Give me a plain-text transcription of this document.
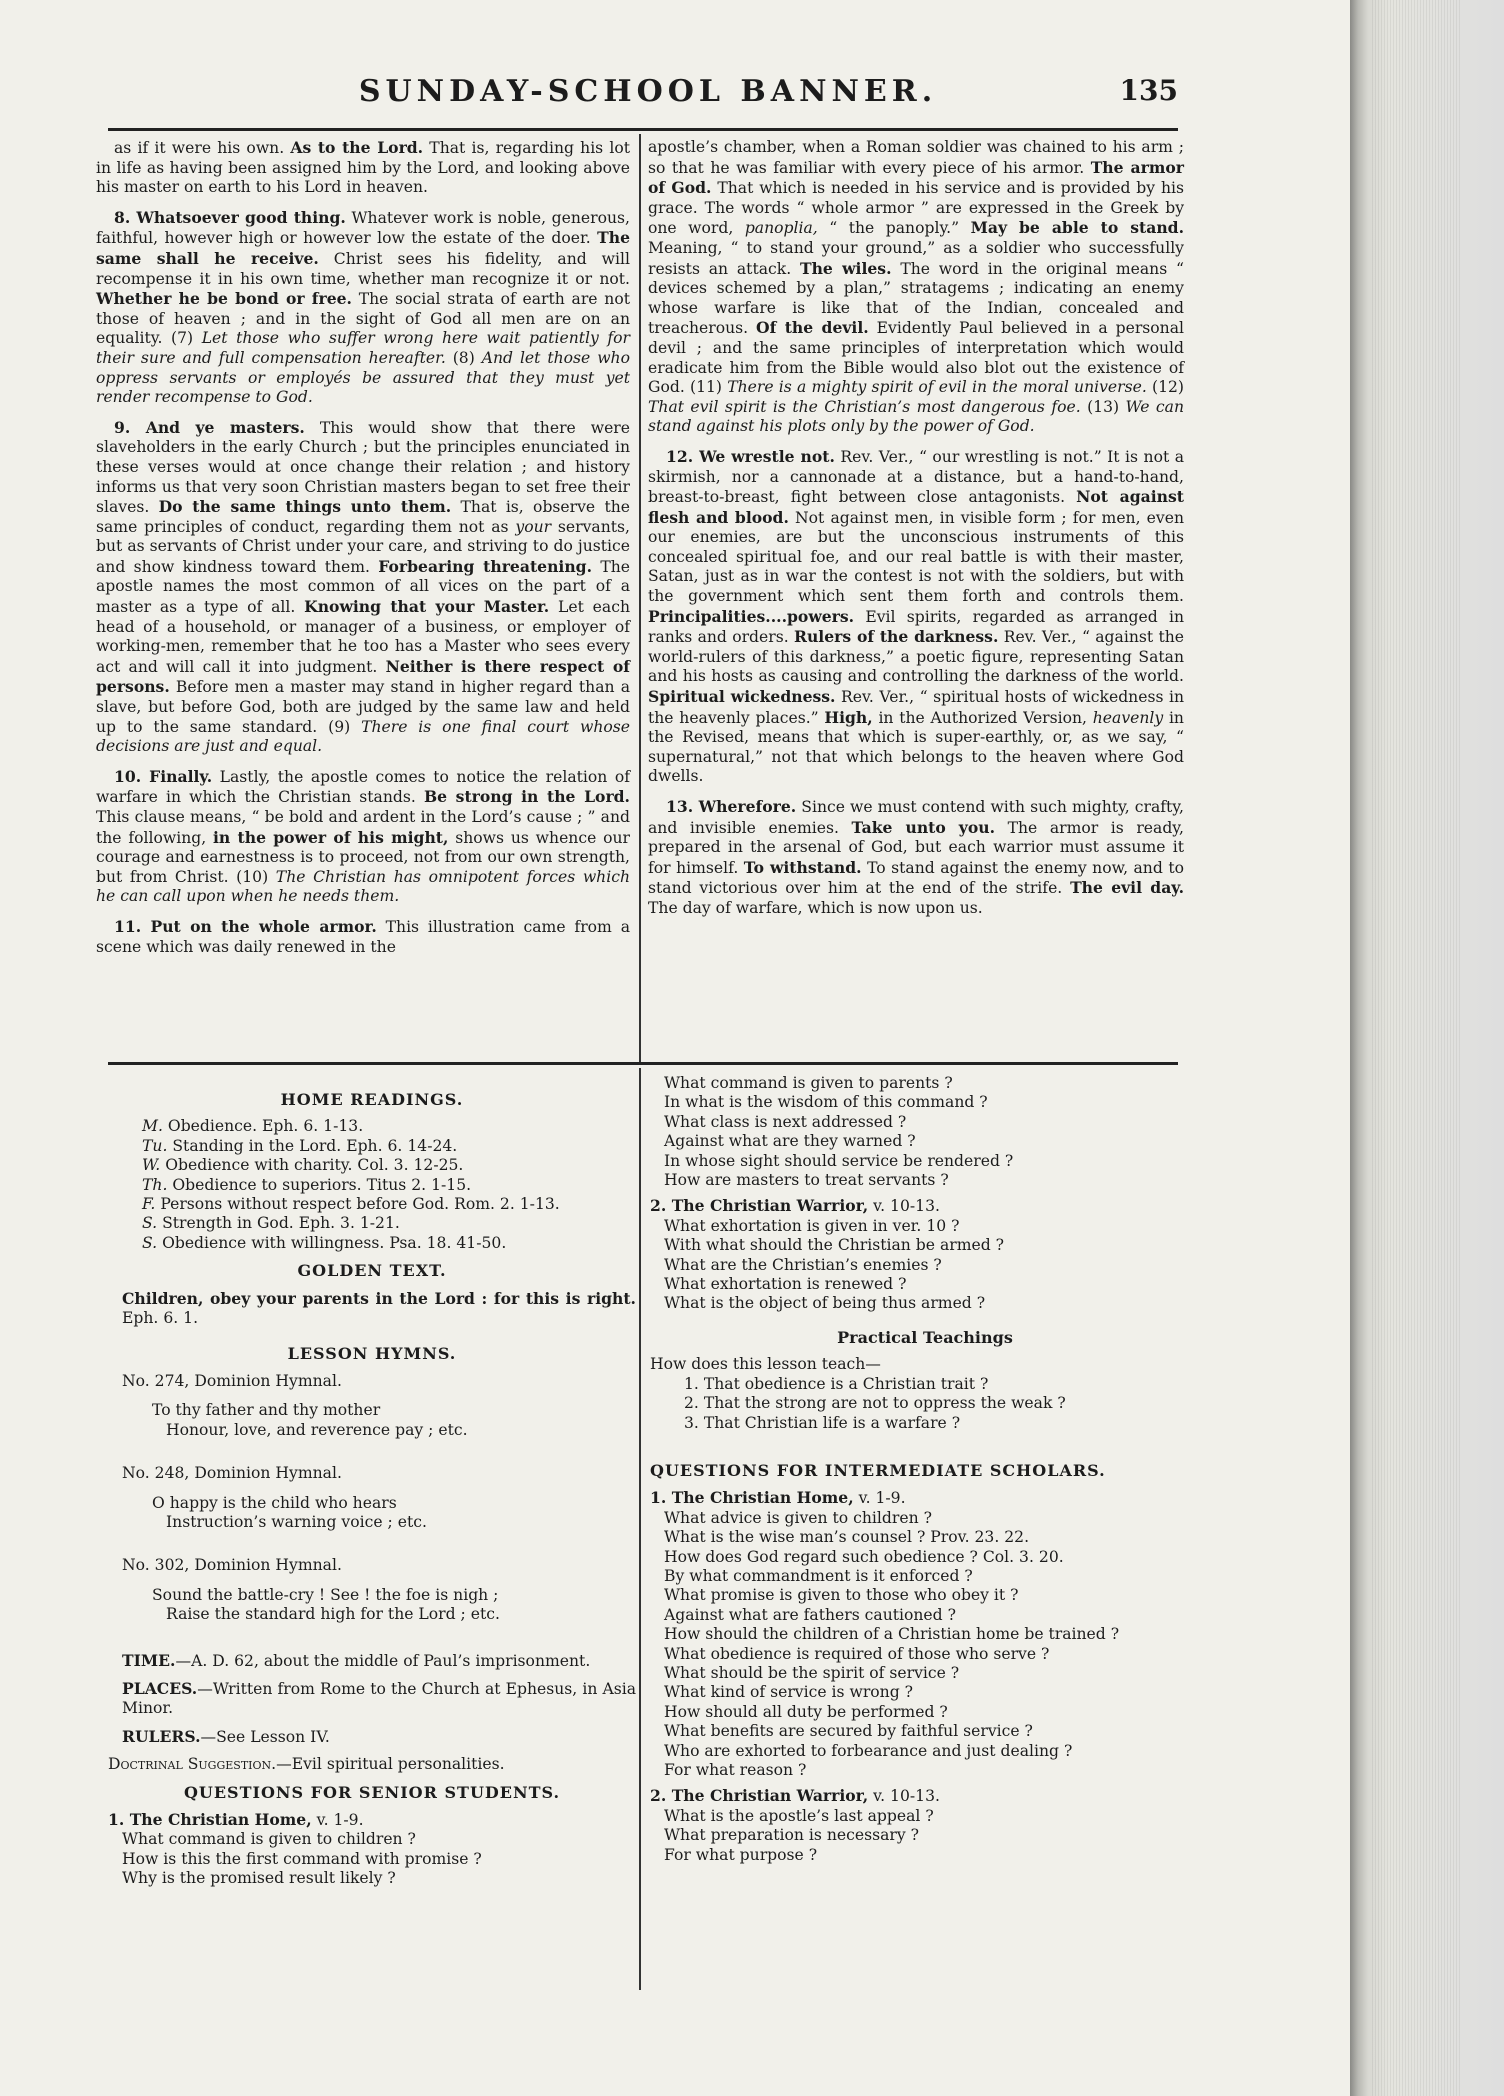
SUNDAY-SCHOOL BANNER.	135

as if it were his own. As to the Lord. That is, regarding his lot in life as having been assigned him by the Lord, and looking above his master on earth to his Lord in heaven.

8. Whatsoever good thing. Whatever work is noble, generous, faithful, however high or however low the estate of the doer. The same shall he receive. Christ sees his fidelity, and will recompense it in his own time, whether man recognize it or not. Whether he be bond or free. The social strata of earth are not those of heaven ; and in the sight of God all men are on an equality. (7) Let those who suffer wrong here wait patiently for their sure and full compensation hereafter. (8) And let those who oppress servants or employés be assured that they must yet render recompense to God.

9. And ye masters. This would show that there were slaveholders in the early Church ; but the principles enunciated in these verses would at once change their relation ; and history informs us that very soon Christian masters began to set free their slaves. Do the same things unto them. That is, observe the same principles of conduct, regarding them not as your servants, but as servants of Christ under your care, and striving to do justice and show kindness toward them. Forbearing threatening. The apostle names the most common of all vices on the part of a master as a type of all. Knowing that your Master. Let each head of a household, or manager of a business, or employer of working-men, remember that he too has a Master who sees every act and will call it into judgment. Neither is there respect of persons. Before men a master may stand in higher regard than a slave, but before God, both are judged by the same law and held up to the same standard. (9) There is one final court whose decisions are just and equal.

10. Finally. Lastly, the apostle comes to notice the relation of warfare in which the Christian stands. Be strong in the Lord. This clause means, “ be bold and ardent in the Lord’s cause ; ” and the following, in the power of his might, shows us whence our courage and earnestness is to proceed, not from our own strength, but from Christ. (10) The Christian has omnipotent forces which he can call upon when he needs them.

11. Put on the whole armor. This illustration came from a scene which was daily renewed in the

apostle’s chamber, when a Roman soldier was chained to his arm ; so that he was familiar with every piece of his armor. The armor of God. That which is needed in his service and is provided by his grace. The words “ whole armor ” are expressed in the Greek by one word, panoplia, “ the panoply.” May be able to stand. Meaning, “ to stand your ground,” as a soldier who successfully resists an attack. The wiles. The word in the original means “ devices schemed by a plan,” stratagems ; indicating an enemy whose warfare is like that of the Indian, concealed and treacherous. Of the devil. Evidently Paul believed in a personal devil ; and the same principles of interpretation which would eradicate him from the Bible would also blot out the existence of God. (11) There is a mighty spirit of evil in the moral universe. (12) That evil spirit is the Christian’s most dangerous foe. (13) We can stand against his plots only by the power of God.

12. We wrestle not. Rev. Ver., “ our wrestling is not.” It is not a skirmish, nor a cannonade at a distance, but a hand-to-hand, breast-to-breast, fight between close antagonists. Not against flesh and blood. Not against men, in visible form ; for men, even our enemies, are but the unconscious instruments of this concealed spiritual foe, and our real battle is with their master, Satan, just as in war the contest is not with the soldiers, but with the government which sent them forth and controls them. Principalities....powers. Evil spirits, regarded as arranged in ranks and orders. Rulers of the darkness. Rev. Ver., “ against the world-rulers of this darkness,” a poetic figure, representing Satan and his hosts as causing and controlling the darkness of the world. Spiritual wickedness. Rev. Ver., “ spiritual hosts of wickedness in the heavenly places.” High, in the Authorized Version, heavenly in the Revised, means that which is super-earthly, or, as we say, “ supernatural,” not that which belongs to the heaven where God dwells.

13. Wherefore. Since we must contend with such mighty, crafty, and invisible enemies. Take unto you. The armor is ready, prepared in the arsenal of God, but each warrior must assume it for himself. To withstand. To stand against the enemy now, and to stand victorious over him at the end of the strife. The evil day. The day of warfare, which is now upon us.

HOME READINGS.
M. Obedience. Eph. 6. 1-13.
Tu. Standing in the Lord. Eph. 6. 14-24.
W. Obedience with charity. Col. 3. 12-25.
Th. Obedience to superiors. Titus 2. 1-15.
F. Persons without respect before God. Rom. 2. 1-13.
S. Strength in God. Eph. 3. 1-21.
S. Obedience with willingness. Psa. 18. 41-50.
GOLDEN TEXT.
Children, obey your parents in the Lord : for this is right. Eph. 6. 1.
LESSON HYMNS.
No. 274, Dominion Hymnal.
To thy father and thy mother
Honour, love, and reverence pay ; etc.
No. 248, Dominion Hymnal.
O happy is the child who hears
Instruction’s warning voice ; etc.
No. 302, Dominion Hymnal.
Sound the battle-cry ! See ! the foe is nigh ;
Raise the standard high for the Lord ; etc.
TIME.—A. D. 62, about the middle of Paul’s imprisonment.
PLACES.—Written from Rome to the Church at Ephesus, in Asia Minor.
RULERS.—See Lesson IV.
Doctrinal Suggestion.—Evil spiritual personalities.
QUESTIONS FOR SENIOR STUDENTS.
1. The Christian Home, v. 1-9.
What command is given to children ?
How is this the first command with promise ?
Why is the promised result likely ?
What command is given to parents ?
In what is the wisdom of this command ?
What class is next addressed ?
Against what are they warned ?
In whose sight should service be rendered ?
How are masters to treat servants ?
2. The Christian Warrior, v. 10-13.
What exhortation is given in ver. 10 ?
With what should the Christian be armed ?
What are the Christian’s enemies ?
What exhortation is renewed ?
What is the object of being thus armed ?
Practical Teachings
How does this lesson teach—
1. That obedience is a Christian trait ?
2. That the strong are not to oppress the weak ?
3. That Christian life is a warfare ?
QUESTIONS FOR INTERMEDIATE SCHOLARS.
1. The Christian Home, v. 1-9.
What advice is given to children ?
What is the wise man’s counsel ? Prov. 23. 22.
How does God regard such obedience ? Col. 3. 20.
By what commandment is it enforced ?
What promise is given to those who obey it ?
Against what are fathers cautioned ?
How should the children of a Christian home be trained ?
What obedience is required of those who serve ?
What should be the spirit of service ?
What kind of service is wrong ?
How should all duty be performed ?
What benefits are secured by faithful service ?
Who are exhorted to forbearance and just dealing ?
For what reason ?
2. The Christian Warrior, v. 10-13.
What is the apostle’s last appeal ?
What preparation is necessary ?
For what purpose ?
